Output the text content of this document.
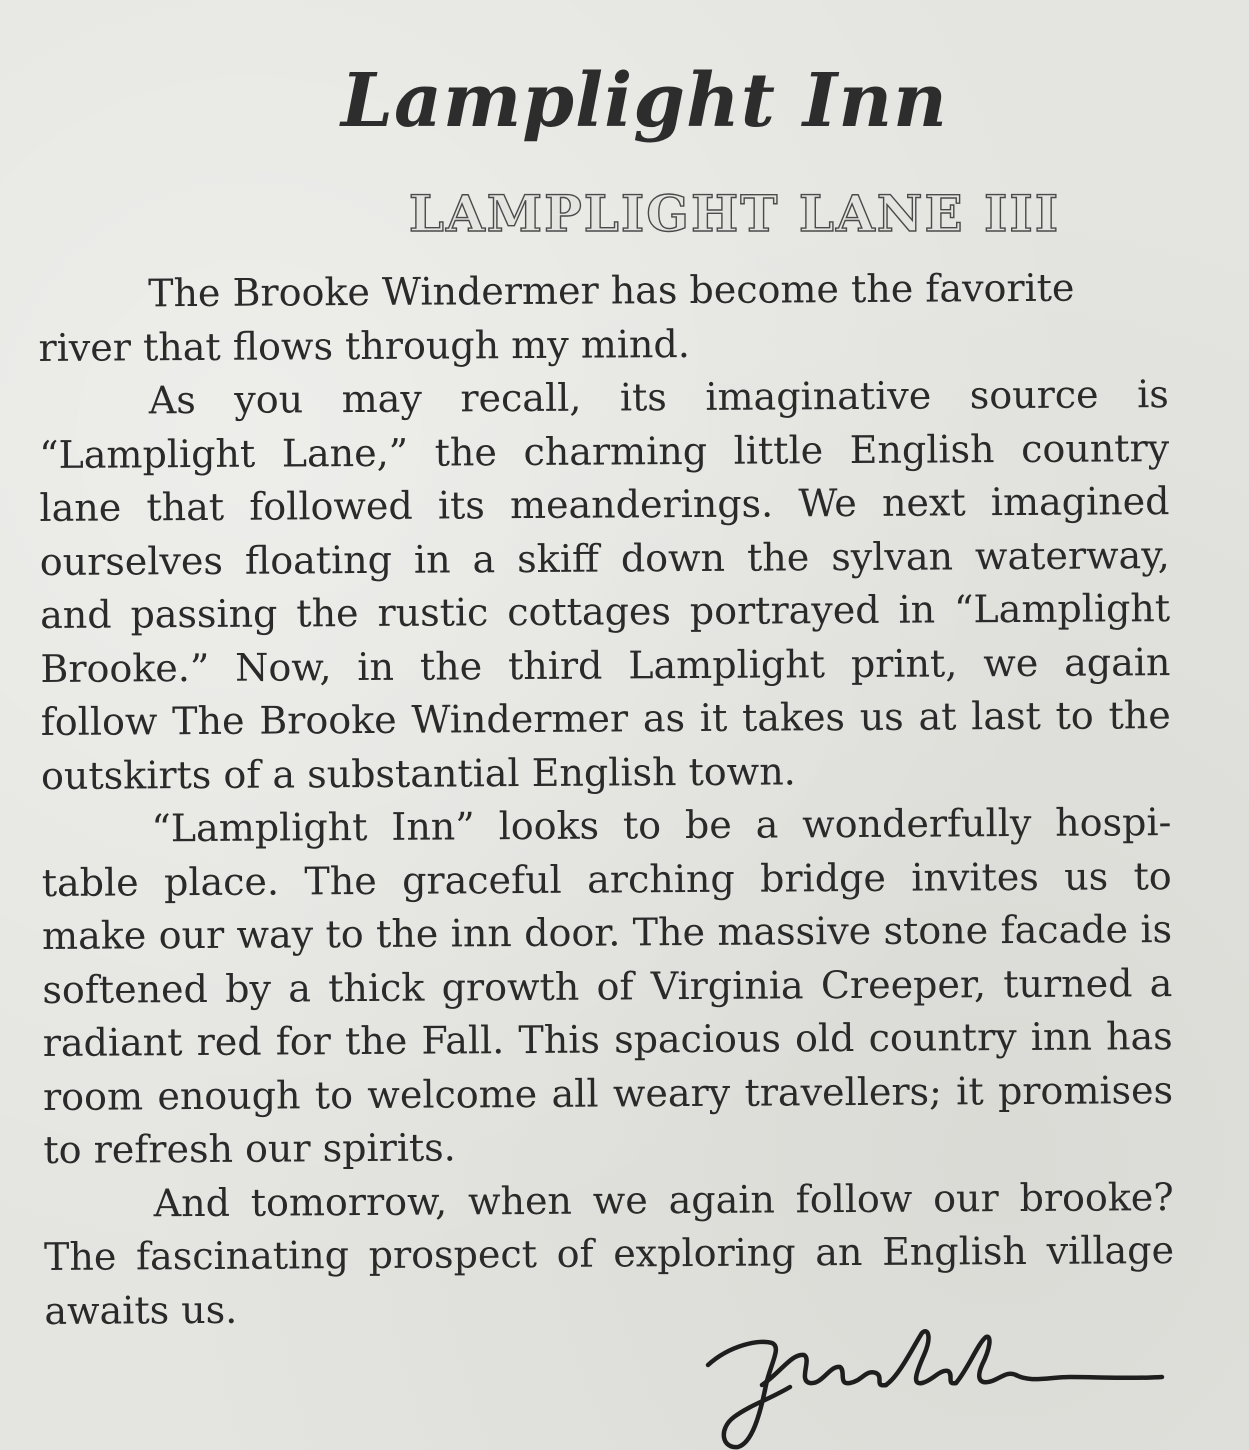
Lamplight Inn
LAMPLIGHT LANE III

The Brooke Windermer has become the favorite river that flows through my mind.

As you may recall, its imaginative source is “Lamplight Lane,” the charming little English country lane that followed its meanderings. We next imagined ourselves floating in a skiff down the sylvan waterway, and passing the rustic cottages portrayed in “Lamplight Brooke.” Now, in the third Lamplight print, we again follow The Brooke Windermer as it takes us at last to the outskirts of a substantial English town.

“Lamplight Inn” looks to be a wonderfully hospitable place. The graceful arching bridge invites us to make our way to the inn door. The massive stone facade is softened by a thick growth of Virginia Creeper, turned a radiant red for the Fall. This spacious old country inn has room enough to welcome all weary travellers; it promises to refresh our spirits.

And tomorrow, when we again follow our brooke? The fascinating prospect of exploring an English village awaits us.
